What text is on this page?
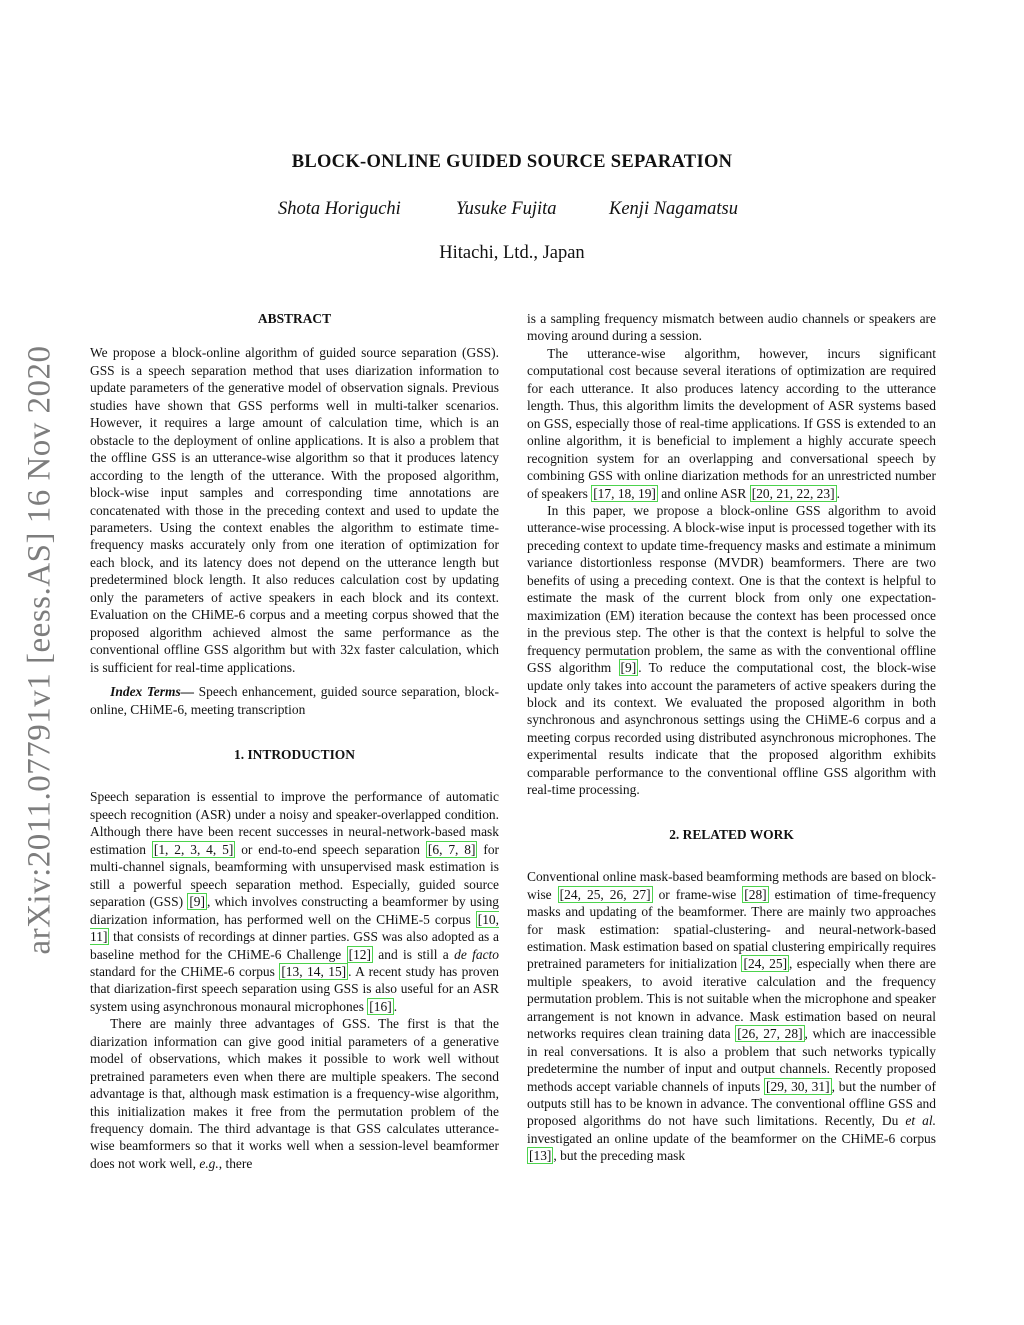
arXiv:2011.07791v1 [eess.AS] 16 Nov 2020
BLOCK-ONLINE GUIDED SOURCE SEPARATION
Shota Horiguchi	Yusuke Fujita	Kenji Nagamatsu
Hitachi, Ltd., Japan
ABSTRACT

We propose a block-online algorithm of guided source separation (GSS). GSS is a speech separation method that uses diarization information to update parameters of the generative model of observation signals. Previous studies have shown that GSS performs well in multi-talker scenarios. However, it requires a large amount of calculation time, which is an obstacle to the deployment of online applications. It is also a problem that the offline GSS is an utterance-wise algorithm so that it produces latency according to the length of the utterance. With the proposed algorithm, block-wise input samples and corresponding time annotations are concatenated with those in the preceding context and used to update the parameters. Using the context enables the algorithm to estimate time-frequency masks accurately only from one iteration of optimization for each block, and its latency does not depend on the utterance length but predetermined block length. It also reduces calculation cost by updating only the parameters of active speakers in each block and its context. Evaluation on the CHiME-6 corpus and a meeting corpus showed that the proposed algorithm achieved almost the same performance as the conventional offline GSS algorithm but with 32x faster calculation, which is sufficient for real-time applications.

Index Terms— Speech enhancement, guided source separation, block-online, CHiME-6, meeting transcription

1. INTRODUCTION

Speech separation is essential to improve the performance of automatic speech recognition (ASR) under a noisy and speaker-overlapped condition. Although there have been recent successes in neural-network-based mask estimation [1, 2, 3, 4, 5] or end-to-end speech separation [6, 7, 8] for multi-channel signals, beamforming with unsupervised mask estimation is still a powerful speech separation method. Especially, guided source separation (GSS) [9] , which involves constructing a beamformer by using diarization information, has performed well on the CHiME-5 corpus [10, 11] that consists of recordings at dinner parties. GSS was also adopted as a baseline method for the CHiME-6 Challenge [12] and is still a de facto standard for the CHiME-6 corpus [13, 14, 15] . A recent study has proven that diarization-first speech separation using GSS is also useful for an ASR system using asynchronous monaural microphones [16] .

There are mainly three advantages of GSS. The first is that the diarization information can give good initial parameters of a generative model of observations, which makes it possible to work well without pretrained parameters even when there are multiple speakers. The second advantage is that, although mask estimation is a frequency-wise algorithm, this initialization makes it free from the permutation problem of the frequency domain. The third advantage is that GSS calculates utterance-wise beamformers so that it works well when a session-level beamformer does not work well, e.g., there

is a sampling frequency mismatch between audio channels or speakers are moving around during a session.

The utterance-wise algorithm, however, incurs significant computational cost because several iterations of optimization are required for each utterance. It also produces latency according to the utterance length. Thus, this algorithm limits the development of ASR systems based on GSS, especially those of real-time applications. If GSS is extended to an online algorithm, it is beneficial to implement a highly accurate speech recognition system for an overlapping and conversational speech by combining GSS with online diarization methods for an unrestricted number of speakers [17, 18, 19] and online ASR [20, 21, 22, 23] .

In this paper, we propose a block-online GSS algorithm to avoid utterance-wise processing. A block-wise input is processed together with its preceding context to update time-frequency masks and estimate a minimum variance distortionless response (MVDR) beamformers. There are two benefits of using a preceding context. One is that the context is helpful to estimate the mask of the current block from only one expectation-maximization (EM) iteration because the context has been processed once in the previous step. The other is that the context is helpful to solve the frequency permutation problem, the same as with the conventional offline GSS algorithm [9] . To reduce the computational cost, the block-wise update only takes into account the parameters of active speakers during the block and its context. We evaluated the proposed algorithm in both synchronous and asynchronous settings using the CHiME-6 corpus and a meeting corpus recorded using distributed asynchronous microphones. The experimental results indicate that the proposed algorithm exhibits comparable performance to the conventional offline GSS algorithm with real-time processing.

2. RELATED WORK

Conventional online mask-based beamforming methods are based on block-wise [24, 25, 26, 27] or frame-wise [28] estimation of time-frequency masks and updating of the beamformer. There are mainly two approaches for mask estimation: spatial-clustering- and neural-network-based estimation. Mask estimation based on spatial clustering empirically requires pretrained parameters for initialization [24, 25] , especially when there are multiple speakers, to avoid iterative calculation and the frequency permutation problem. This is not suitable when the microphone and speaker arrangement is not known in advance. Mask estimation based on neural networks requires clean training data [26, 27, 28] , which are inaccessible in real conversations. It is also a problem that such networks typically predetermine the number of input and output channels. Recently proposed methods accept variable channels of inputs [29, 30, 31] , but the number of outputs still has to be known in advance. The conventional offline GSS and proposed algorithms do not have such limitations. Recently, Du et al. investigated an online update of the beamformer on the CHiME-6 corpus [13] , but the preceding mask
